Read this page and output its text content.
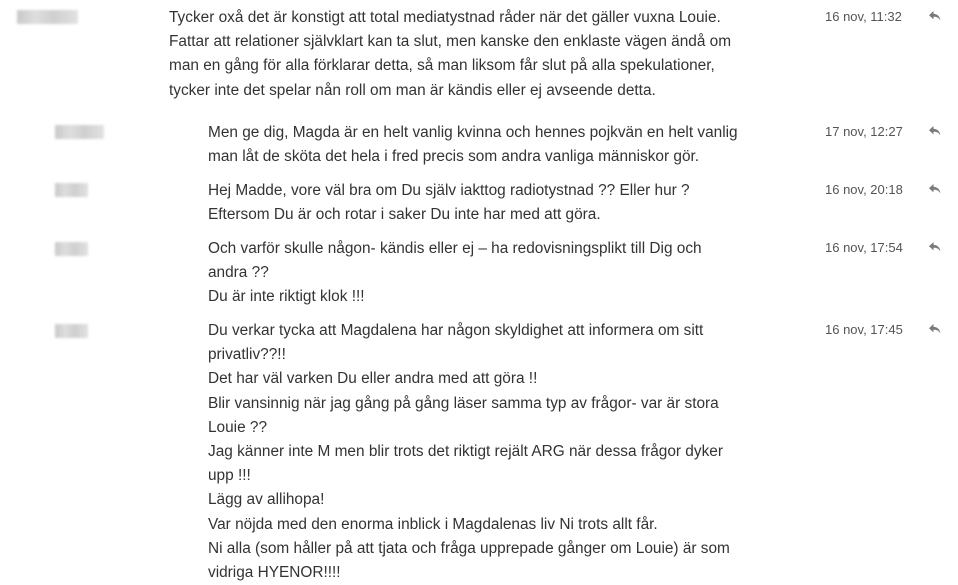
Tycker oxå det är konstigt att total mediatystnad råder när det gäller vuxna Louie.
Fattar att relationer självklart kan ta slut, men kanske den enklaste vägen ändå om
man en gång för alla förklarar detta, så man liksom får slut på alla spekulationer,
tycker inte det spelar nån roll om man är kändis eller ej avseende detta.
16 nov, 11:32
Men ge dig, Magda är en helt vanlig kvinna och hennes pojkvän en helt vanlig
man låt de sköta det hela i fred precis som andra vanliga människor gör.
17 nov, 12:27
Hej Madde, vore väl bra om Du själv iakttog radiotystnad ?? Eller hur ?
Eftersom Du är och rotar i saker Du inte har med att göra.
16 nov, 20:18
Och varför skulle någon- kändis eller ej – ha redovisningsplikt till Dig och
andra ??
Du är inte riktigt klok !!!
16 nov, 17:54
Du verkar tycka att Magdalena har någon skyldighet att informera om sitt
privatliv??!!
Det har väl varken Du eller andra med att göra !!
Blir vansinnig när jag gång på gång läser samma typ av frågor- var är stora
Louie ??
Jag känner inte M men blir trots det riktigt rejält ARG när dessa frågor dyker
upp !!!
Lägg av allihopa!
Var nöjda med den enorma inblick i Magdalenas liv Ni trots allt får.
Ni alla (som håller på att tjata och fråga upprepade gånger om Louie) är som
vidriga HYENOR!!!!
16 nov, 17:45
